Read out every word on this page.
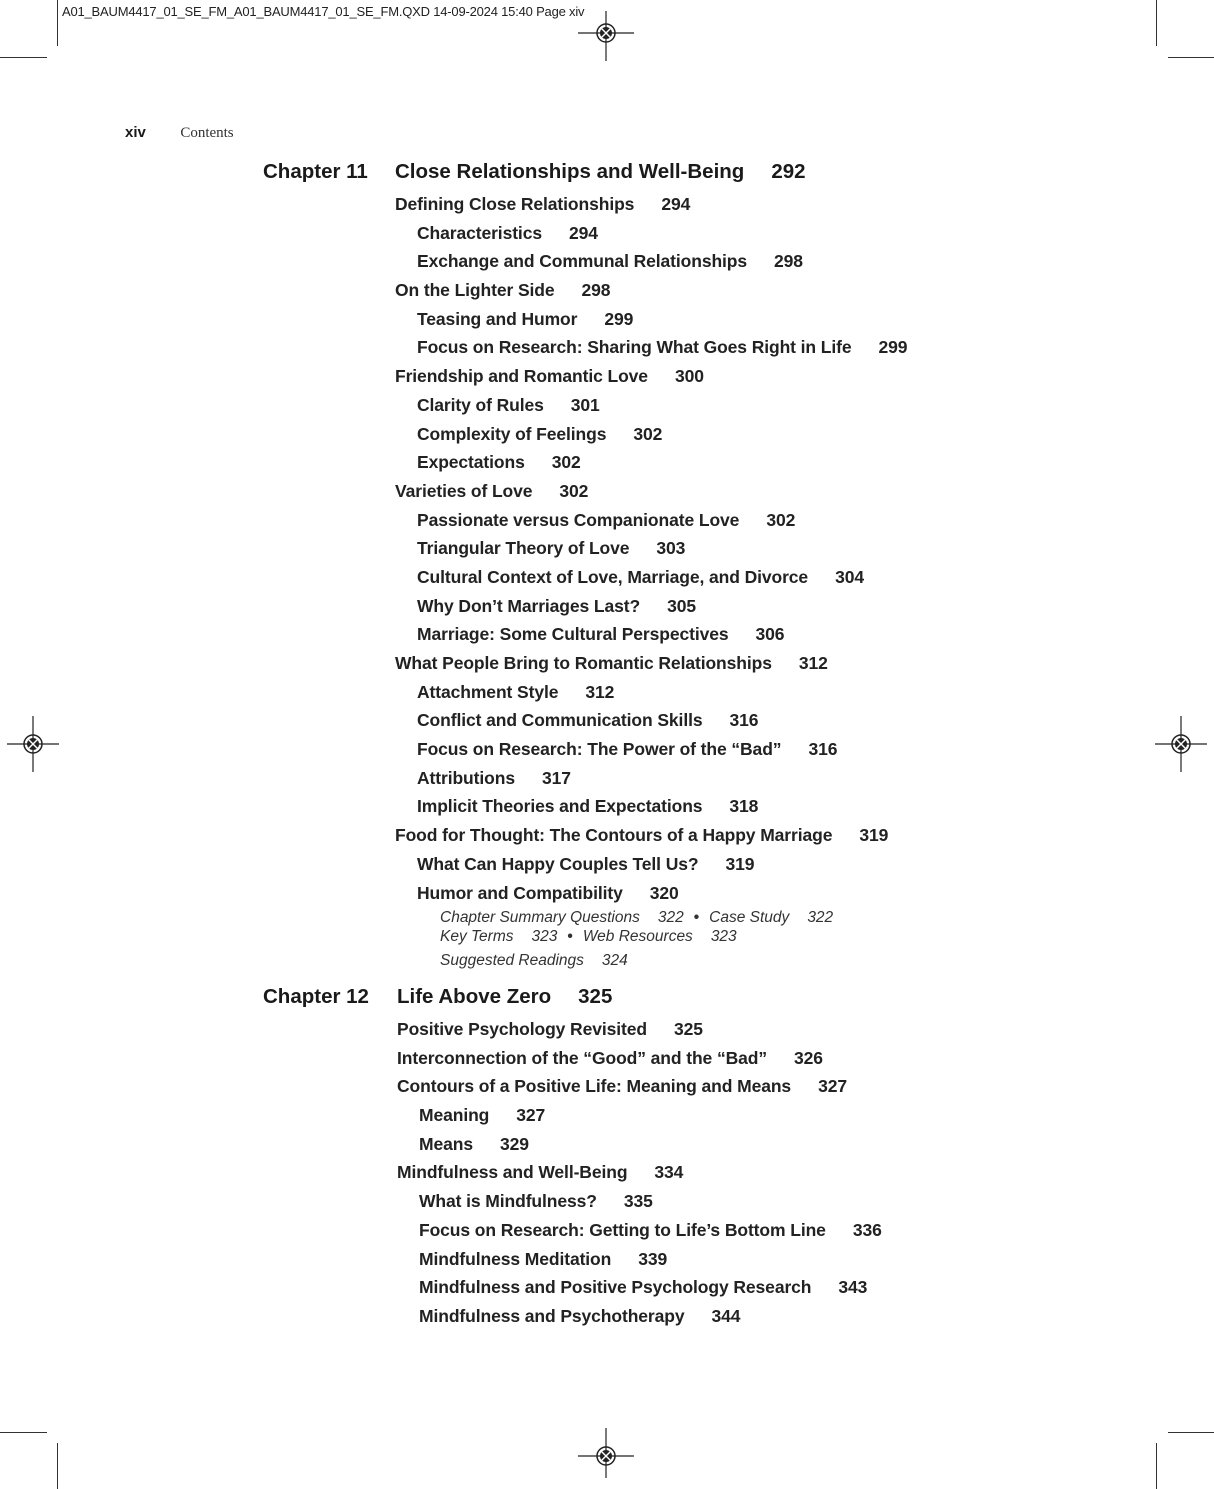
A01_BAUM4417_01_SE_FM_A01_BAUM4417_01_SE_FM.QXD 14-09-2024 15:40 Page xiv
xiv Contents
Chapter 11	Close Relationships and Well-Being 292
Defining Close Relationships 294
Characteristics 294
Exchange and Communal Relationships 298
On the Lighter Side 298
Teasing and Humor 299
Focus on Research: Sharing What Goes Right in Life 299
Friendship and Romantic Love 300
Clarity of Rules 301
Complexity of Feelings 302
Expectations 302
Varieties of Love 302
Passionate versus Companionate Love 302
Triangular Theory of Love 303
Cultural Context of Love, Marriage, and Divorce 304
Why Don’t Marriages Last? 305
Marriage: Some Cultural Perspectives 306
What People Bring to Romantic Relationships 312
Attachment Style 312
Conflict and Communication Skills 316
Focus on Research: The Power of the “Bad” 316
Attributions 317
Implicit Theories and Expectations 318
Food for Thought: The Contours of a Happy Marriage 319
What Can Happy Couples Tell Us? 319
Humor and Compatibility 320
Chapter Summary Questions 322 • Case Study 322
Key Terms 323 • Web Resources 323
Suggested Readings 324
Chapter 12	Life Above Zero 325
Positive Psychology Revisited 325
Interconnection of the “Good” and the “Bad” 326
Contours of a Positive Life: Meaning and Means 327
Meaning 327
Means 329
Mindfulness and Well-Being 334
What is Mindfulness? 335
Focus on Research: Getting to Life’s Bottom Line 336
Mindfulness Meditation 339
Mindfulness and Positive Psychology Research 343
Mindfulness and Psychotherapy 344
